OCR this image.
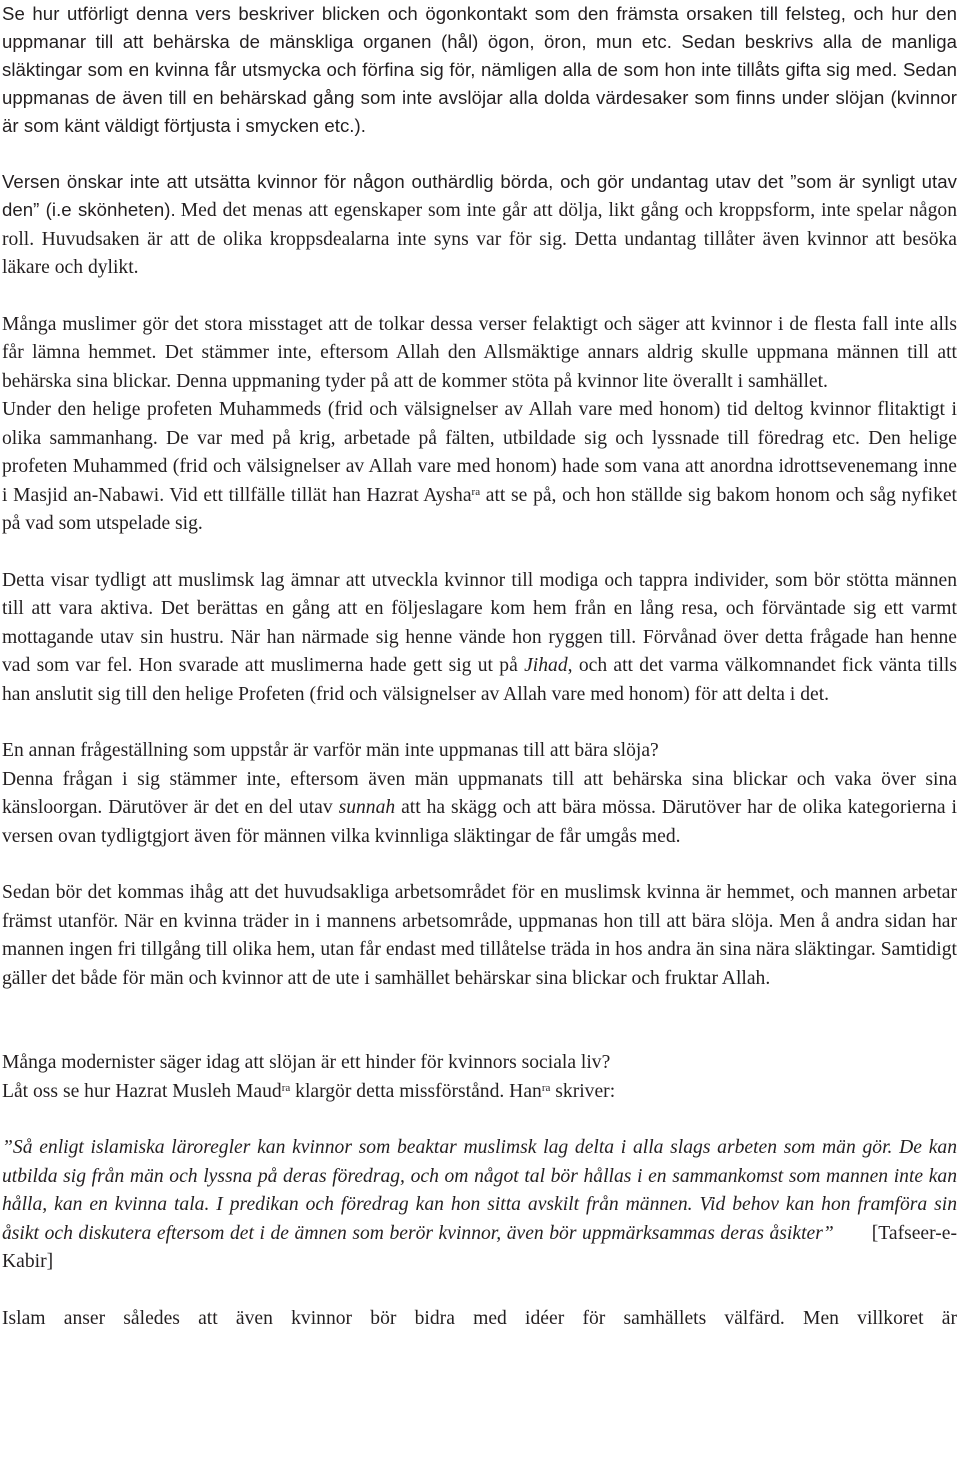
Se hur utförligt denna vers beskriver blicken och ögonkontakt som den främsta orsaken till felsteg, och hur den uppmanar till att behärska de mänskliga organen (hål) ögon, öron, mun etc. Sedan beskrivs alla de manliga släktingar som en kvinna får utsmycka och förfina sig för, nämligen alla de som hon inte tillåts gifta sig med. Sedan uppmanas de även till en behärskad gång som inte avslöjar alla dolda värdesaker som finns under slöjan (kvinnor är som känt väldigt förtjusta i smycken etc.).

Versen önskar inte att utsätta kvinnor för någon outhärdlig börda, och gör undantag utav det ”som är synligt utav den” (i.e skönheten). Med det menas att egenskaper som inte går att dölja, likt gång och kroppsform, inte spelar någon roll. Huvudsaken är att de olika kroppsdealarna inte syns var för sig. Detta undantag tillåter även kvinnor att besöka läkare och dylikt.

Många muslimer gör det stora misstaget att de tolkar dessa verser felaktigt och säger att kvinnor i de flesta fall inte alls får lämna hemmet. Det stämmer inte, eftersom Allah den Allsmäktige annars aldrig skulle uppmana männen till att behärska sina blickar. Denna uppmaning tyder på att de kommer stöta på kvinnor lite överallt i samhället.

Under den helige profeten Muhammeds (frid och välsignelser av Allah vare med honom) tid deltog kvinnor flitaktigt i olika sammanhang. De var med på krig, arbetade på fälten, utbildade sig och lyssnade till föredrag etc. Den helige profeten Muhammed (frid och välsignelser av Allah vare med honom) hade som vana att anordna idrottsevenemang inne i Masjid an-Nabawi. Vid ett tillfälle tillät han Hazrat Aysha$^{ra}$ att se på, och hon ställde sig bakom honom och såg nyfiket på vad som utspelade sig.

Detta visar tydligt att muslimsk lag ämnar att utveckla kvinnor till modiga och tappra individer, som bör stötta männen till att vara aktiva. Det berättas en gång att en följeslagare kom hem från en lång resa, och förväntade sig ett varmt mottagande utav sin hustru. När han närmade sig henne vände hon ryggen till. Förvånad över detta frågade han henne vad som var fel. Hon svarade att muslimerna hade gett sig ut på Jihad, och att det varma välkomnandet fick vänta tills han anslutit sig till den helige Profeten (frid och välsignelser av Allah vare med honom) för att delta i det.

En annan frågeställning som uppstår är varför män inte uppmanas till att bära slöja?

Denna frågan i sig stämmer inte, eftersom även män uppmanats till att behärska sina blickar och vaka över sina känsloorgan. Därutöver är det en del utav sunnah att ha skägg och att bära mössa. Därutöver har de olika kategorierna i versen ovan tydligtgjort även för männen vilka kvinnliga släktingar de får umgås med.

Sedan bör det kommas ihåg att det huvudsakliga arbetsområdet för en muslimsk kvinna är hemmet, och mannen arbetar främst utanför. När en kvinna träder in i mannens arbetsområde, uppmanas hon till att bära slöja. Men å andra sidan har mannen ingen fri tillgång till olika hem, utan får endast med tillåtelse träda in hos andra än sina nära släktingar. Samtidigt gäller det både för män och kvinnor att de ute i samhället behärskar sina blickar och fruktar Allah.

Många modernister säger idag att slöjan är ett hinder för kvinnors sociala liv?

Låt oss se hur Hazrat Musleh Maud$^{ra}$ klargör detta missförstånd. Han$^{ra}$ skriver:

”Så enligt islamiska läroregler kan kvinnor som beaktar muslimsk lag delta i alla slags arbeten som män gör. De kan utbilda sig från män och lyssna på deras föredrag, och om något tal bör hållas i en sammankomst som mannen inte kan hålla, kan en kvinna tala. I predikan och föredrag kan hon sitta avskilt från männen. Vid behov kan hon framföra sin åsikt och diskutera eftersom det i de ämnen som berör kvinnor, även bör uppmärksammas deras åsikter” [Tafseer-e-Kabir]

Islam anser således att även kvinnor bör bidra med idéer för samhällets välfärd. Men villkoret är
